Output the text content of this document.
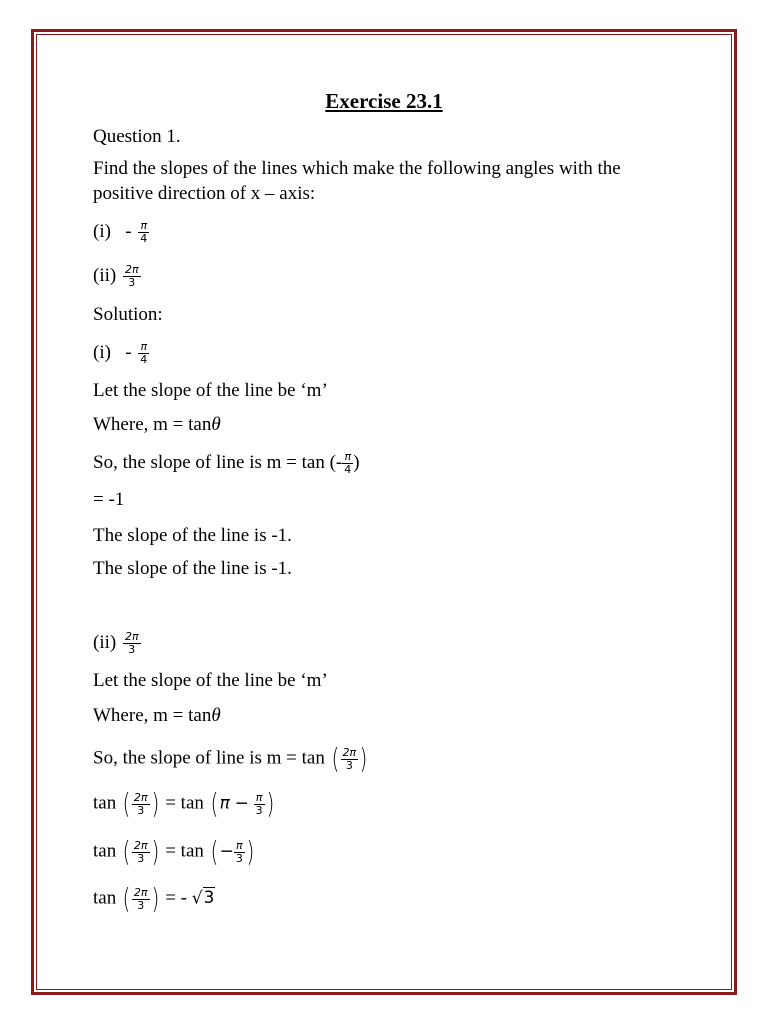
Exercise 23.1
Question 1.
Find the slopes of the lines which make the following angles with the
positive direction of x – axis:
$(i) - \frac{\pi}{4}$
$(ii) \frac{2\pi}{3}$
Solution:
$(i) - \frac{\pi}{4}$
Let the slope of the line be ‘m’
Where, m = tanθ
So, the slope of line is m = tan (- $\frac{\pi}{4}$ )
= -1
The slope of the line is -1.
The slope of the line is -1.
$(ii) \frac{2\pi}{3}$
Let the slope of the line be ‘m’
Where, m = tanθ
So, the slope of line is m = tan ( $\frac{2\pi}{3}$ )
tan ( $\frac{2\pi}{3}$ ) = $\tan (\pi - \frac{\pi}{3}$ )
tan ( $\frac{2\pi}{3}$ ) = tan (− $\frac{\pi}{3}$ )
tan ( $\frac{2\pi}{3}$ ) = - √3
